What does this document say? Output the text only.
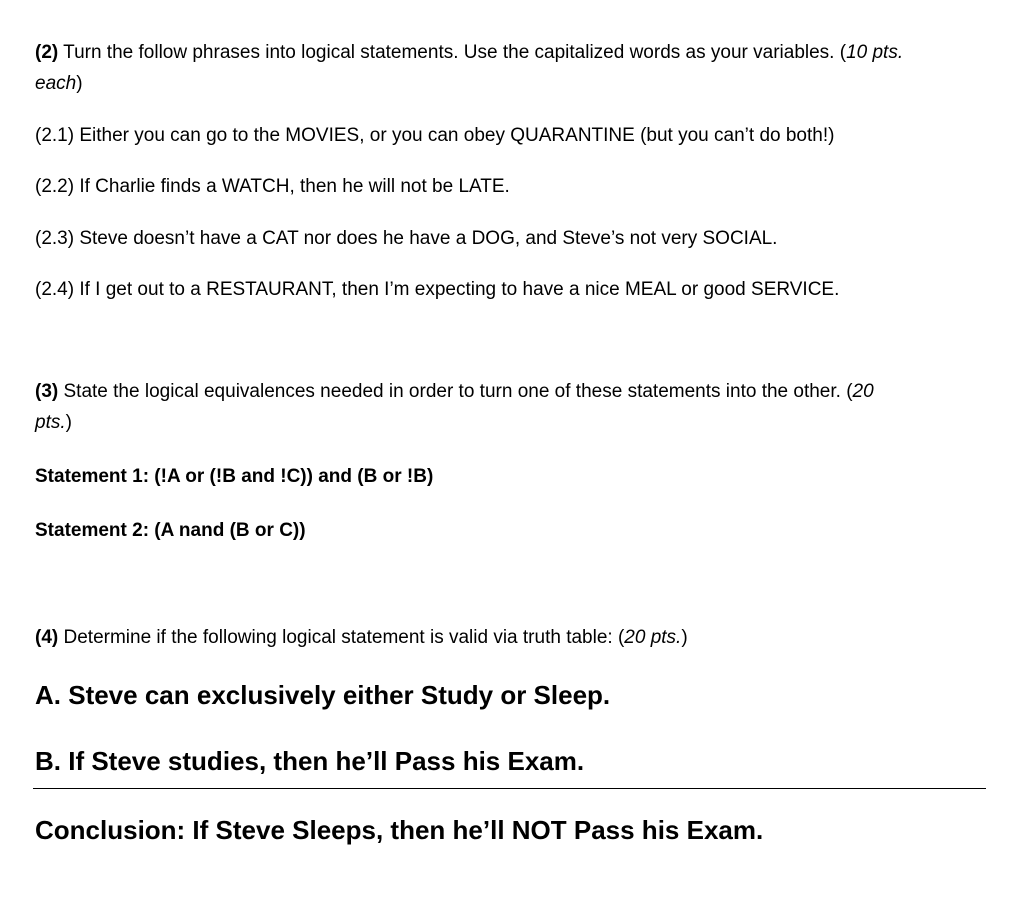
(2) Turn the follow phrases into logical statements. Use the capitalized words as your variables. (10 pts.
each)
(2.1) Either you can go to the MOVIES, or you can obey QUARANTINE (but you can’t do both!)
(2.2) If Charlie finds a WATCH, then he will not be LATE.
(2.3) Steve doesn’t have a CAT nor does he have a DOG, and Steve’s not very SOCIAL.
(2.4) If I get out to a RESTAURANT, then I’m expecting to have a nice MEAL or good SERVICE.
(3) State the logical equivalences needed in order to turn one of these statements into the other. (20
pts.)
Statement 1: (!A or (!B and !C)) and (B or !B)
Statement 2: (A nand (B or C))
(4) Determine if the following logical statement is valid via truth table: (20 pts.)
A. Steve can exclusively either Study or Sleep.
B. If Steve studies, then he’ll Pass his Exam.
Conclusion: If Steve Sleeps, then he’ll NOT Pass his Exam.
